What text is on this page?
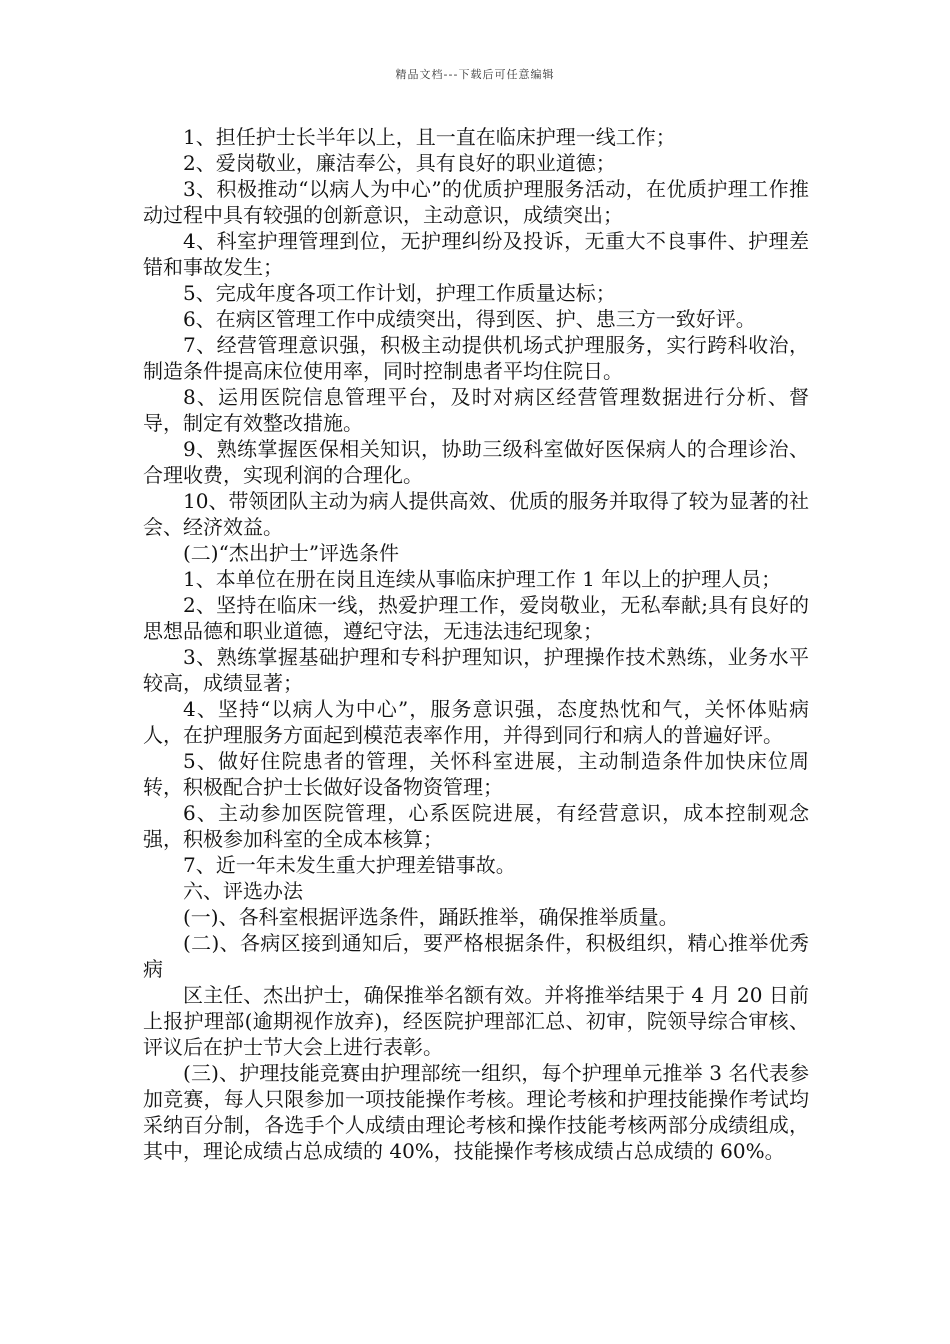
精品文档---下载后可任意编辑

1、担任护士长半年以上，且一直在临床护理一线工作；

2、爱岗敬业，廉洁奉公，具有良好的职业道德；

3、积极推动“以病人为中心”的优质护理服务活动，在优质护理工作推动过程中具有较强的创新意识，主动意识，成绩突出；

4、科室护理管理到位，无护理纠纷及投诉，无重大不良事件、护理差错和事故发生；

5、完成年度各项工作计划，护理工作质量达标；

6、在病区管理工作中成绩突出，得到医、护、患三方一致好评。

7、经营管理意识强，积极主动提供机场式护理服务，实行跨科收治，制造条件提高床位使用率，同时控制患者平均住院日。

8、运用医院信息管理平台，及时对病区经营管理数据进行分析、督导，制定有效整改措施。

9、熟练掌握医保相关知识，协助三级科室做好医保病人的合理诊治、合理收费，实现利润的合理化。

10、带领团队主动为病人提供高效、优质的服务并取得了较为显著的社会、经济效益。

(二)“杰出护士”评选条件

1、本单位在册在岗且连续从事临床护理工作 1 年以上的护理人员；

2、坚持在临床一线，热爱护理工作，爱岗敬业，无私奉献;具有良好的思想品德和职业道德，遵纪守法，无违法违纪现象；

3、熟练掌握基础护理和专科护理知识，护理操作技术熟练，业务水平较高，成绩显著；

4、坚持“以病人为中心”，服务意识强，态度热忱和气，关怀体贴病人，在护理服务方面起到模范表率作用，并得到同行和病人的普遍好评。

5、做好住院患者的管理，关怀科室进展，主动制造条件加快床位周转，积极配合护士长做好设备物资管理；

6、主动参加医院管理，心系医院进展，有经营意识，成本控制观念强，积极参加科室的全成本核算；

7、近一年未发生重大护理差错事故。

六、评选办法

(一)、各科室根据评选条件，踊跃推举，确保推举质量。

(二)、各病区接到通知后，要严格根据条件，积极组织，精心推举优秀病

区主任、杰出护士，确保推举名额有效。并将推举结果于 4 月 20 日前上报护理部(逾期视作放弃)，经医院护理部汇总、初审，院领导综合审核、评议后在护士节大会上进行表彰。

(三)、护理技能竞赛由护理部统一组织，每个护理单元推举 3 名代表参加竞赛，每人只限参加一项技能操作考核。理论考核和护理技能操作考试均采纳百分制，各选手个人成绩由理论考核和操作技能考核两部分成绩组成，其中，理论成绩占总成绩的 40%，技能操作考核成绩占总成绩的 60%。
